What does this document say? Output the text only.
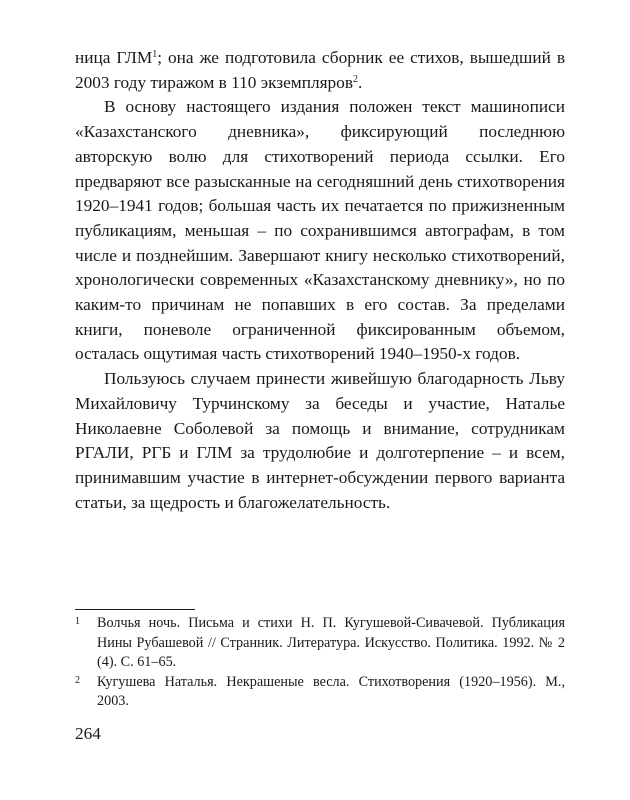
ница ГЛМ$^1$; она же подготовила сборник ее стихов, вышедший в 2003 году тиражом в 110 экземпляров$^2$.

В основу настоящего издания положен текст машинописи «Казахстанского дневника», фиксирующий последнюю авторскую волю для стихотворений периода ссылки. Его предваряют все разысканные на сегодняшний день стихотворения 1920–1941 годов; большая часть их печатается по прижизненным публикациям, меньшая – по сохранившимся автографам, в том числе и позднейшим. Завершают книгу несколько стихотворений, хронологически современных «Казахстанскому дневнику», но по каким-то причинам не попавших в его состав. За пределами книги, поневоле ограниченной фиксированным объемом, осталась ощутимая часть стихотворений 1940–1950-х годов.

Пользуюсь случаем принести живейшую благодарность Льву Михайловичу Турчинскому за беседы и участие, Наталье Николаевне Соболевой за помощь и внимание, сотрудникам РГАЛИ, РГБ и ГЛМ за трудолюбие и долготерпение – и всем, принимавшим участие в интернет-обсуждении первого варианта статьи, за щедрость и благожелательность.

1	Волчья ночь. Письма и стихи Н. П. Кугушевой-Сивачевой. Публикация Нины Рубашевой // Странник. Литература. Искусство. Политика. 1992. № 2 (4). С. 61–65.
2	Кугушева Наталья. Некрашеные весла. Стихотворения (1920–1956). М., 2003.
264
